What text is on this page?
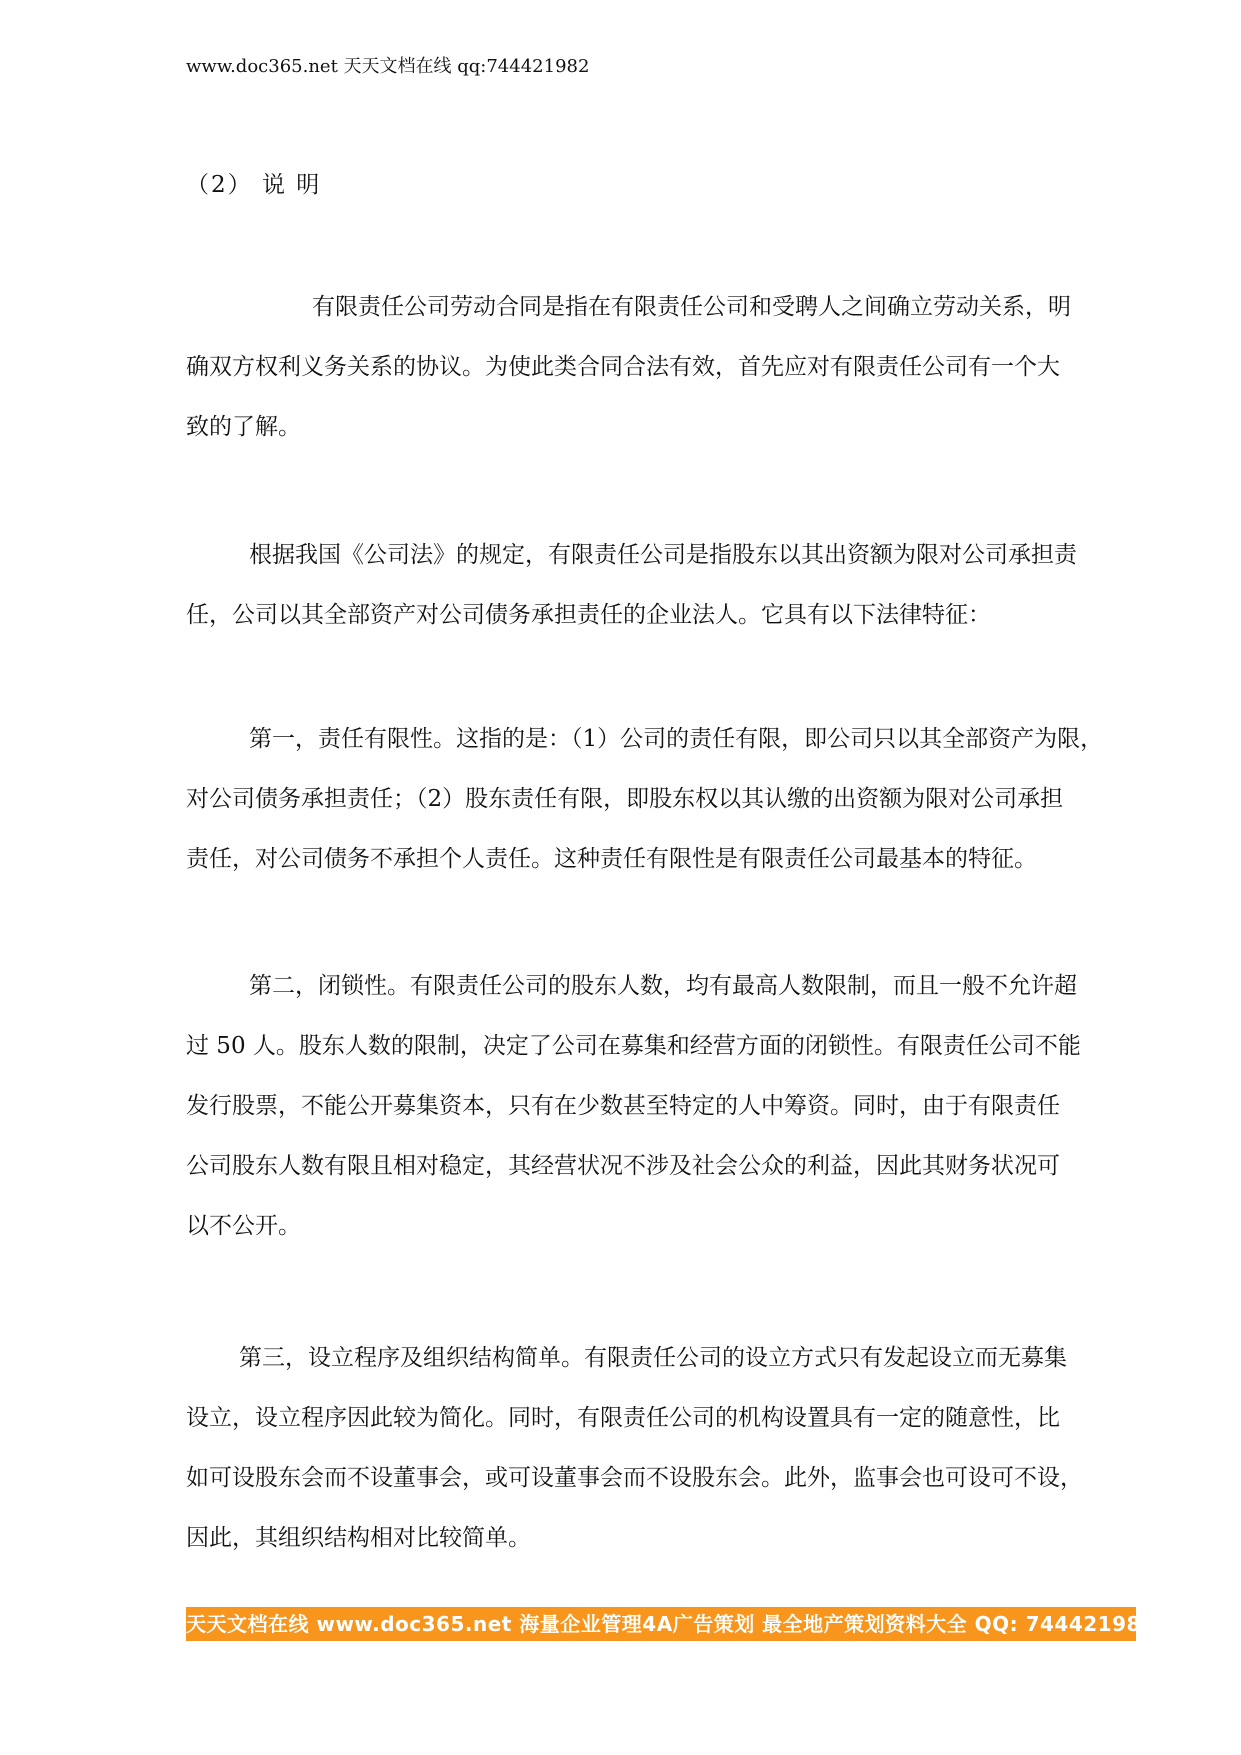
www.doc365.net 天天文档在线 qq:744421982
（2） 说 明
有限责任公司劳动合同是指在有限责任公司和受聘人之间确立劳动关系，明
确双方权利义务关系的协议。为使此类合同合法有效，首先应对有限责任公司有一个大
致的了解。
根据我国《公司法》的规定，有限责任公司是指股东以其出资额为限对公司承担责
任，公司以其全部资产对公司债务承担责任的企业法人。它具有以下法律特征：
第一，责任有限性。这指的是：（1）公司的责任有限，即公司只以其全部资产为限，
对公司债务承担责任；（2）股东责任有限，即股东权以其认缴的出资额为限对公司承担
责任，对公司债务不承担个人责任。这种责任有限性是有限责任公司最基本的特征。
第二，闭锁性。有限责任公司的股东人数，均有最高人数限制，而且一般不允许超
过 50 人。股东人数的限制，决定了公司在募集和经营方面的闭锁性。有限责任公司不能
发行股票，不能公开募集资本，只有在少数甚至特定的人中筹资。同时，由于有限责任
公司股东人数有限且相对稳定，其经营状况不涉及社会公众的利益，因此其财务状况可
以不公开。
第三，设立程序及组织结构简单。有限责任公司的设立方式只有发起设立而无募集
设立，设立程序因此较为简化。同时，有限责任公司的机构设置具有一定的随意性，比
如可设股东会而不设董事会，或可设董事会而不设股东会。此外，监事会也可设可不设，
因此，其组织结构相对比较简单。
天天文档在线 www.doc365.net 海量企业管理4A广告策划 最全地产策划资料大全 QQ: 744421982
